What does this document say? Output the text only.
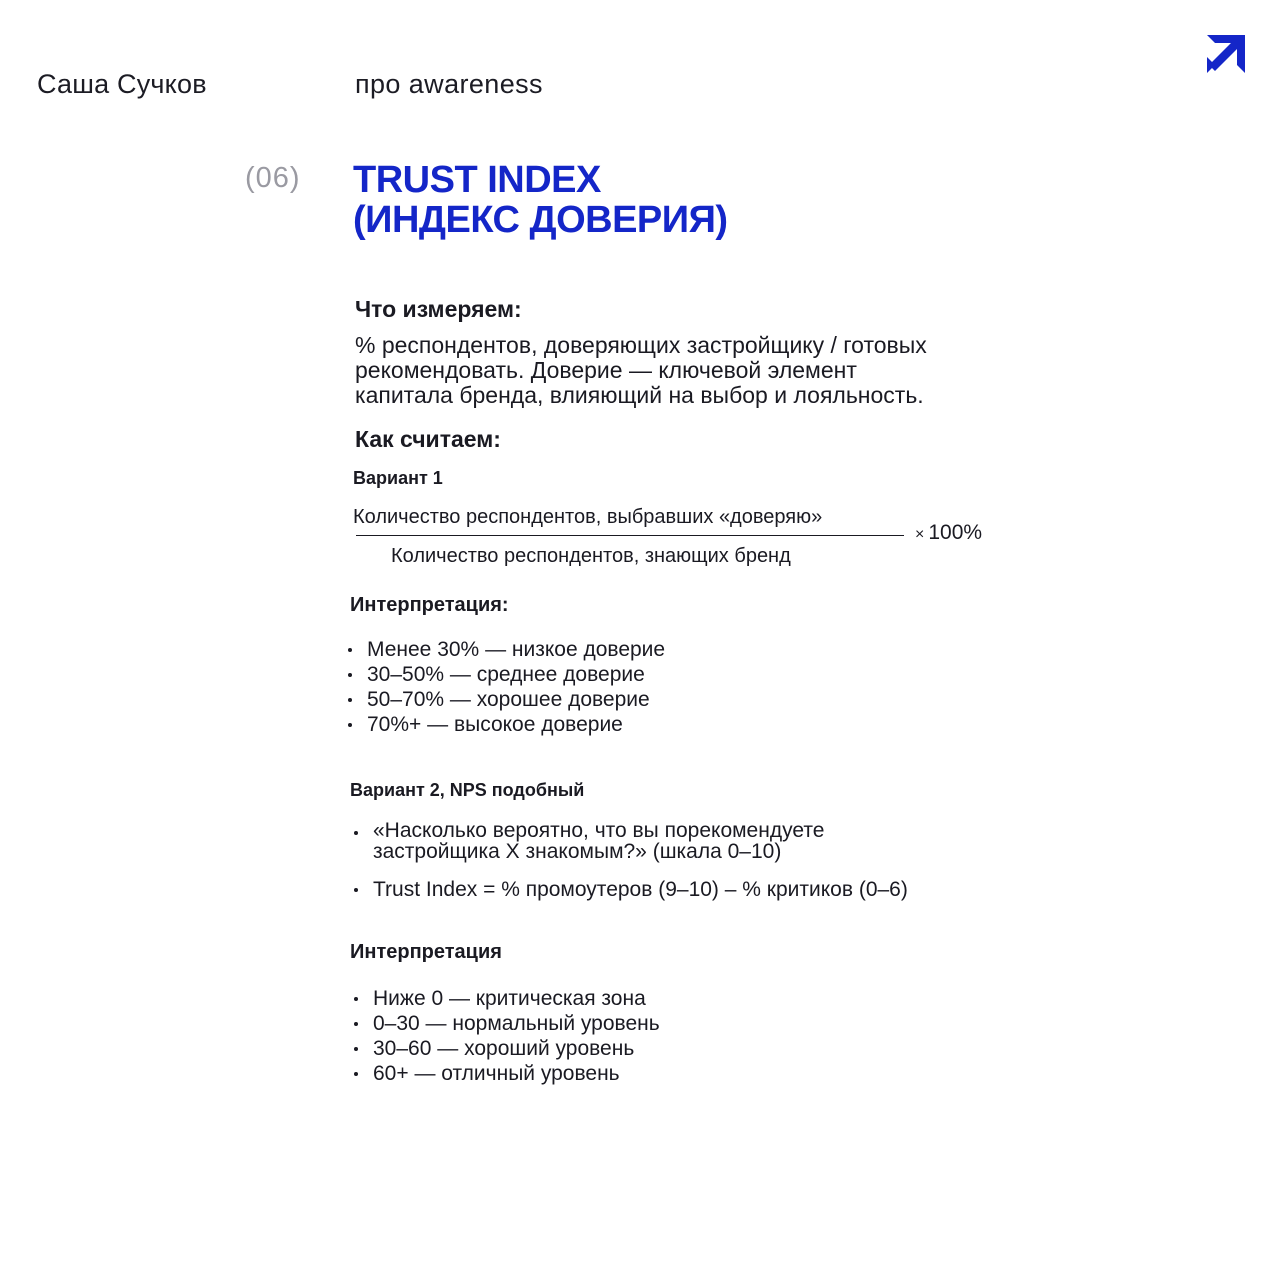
Саша Сучков	про awareness
(06) TRUST INDEX
(ИНДЕКС ДОВЕРИЯ)
Что измеряем:
% респондентов, доверяющих застройщику / готовых
рекомендовать. Доверие — ключевой элемент
капитала бренда, влияющий на выбор и лояльность.
Как считаем:
Вариант 1
Количество респондентов, выбравших «доверяю»
Количество респондентов, знающих бренд
× 100%
Интерпретация:
Менее 30% — низкое доверие
30–50% — среднее доверие
50–70% — хорошее доверие
70%+ — высокое доверие
Вариант 2, NPS подобный
«Насколько вероятно, что вы порекомендуете
застройщика X знакомым?» (шкала 0–10)
Trust Index = % промоутеров (9–10) – % критиков (0–6)
Интерпретация
Ниже 0 — критическая зона
0–30 — нормальный уровень
30–60 — хороший уровень
60+ — отличный уровень
